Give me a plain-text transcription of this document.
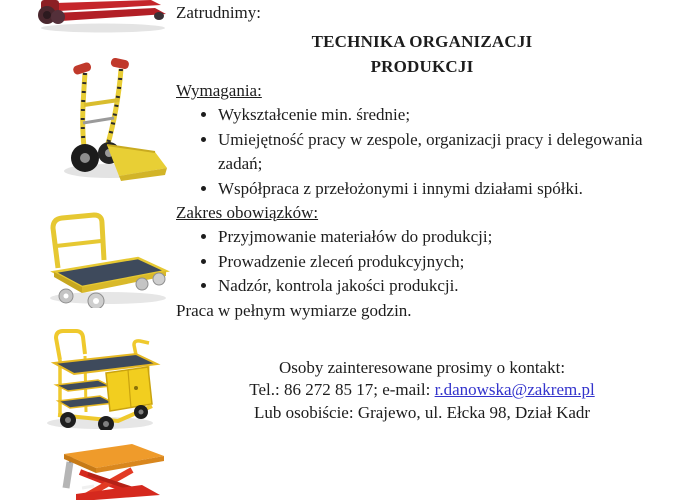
Zatrudnimy:

TECHNIKA ORGANIZACJI
PRODUKCJI

Wymagania:

• Wykształcenie min. średnie;
• Umiejętność pracy w zespole, organizacji pracy i delegowania zadań;
• Współpraca z przełożonymi i innymi działami spółki.

Zakres obowiązków:

• Przyjmowanie materiałów do produkcji;
• Prowadzenie zleceń produkcyjnych;
• Nadzór, kontrola jakości produkcji.

Praca w pełnym wymiarze godzin.

Osoby zainteresowane prosimy o kontakt:
Tel.: 86 272 85 17; e-mail: r.danowska@zakrem.pl
Lub osobiście: Grajewo, ul. Ełcka 98, Dział Kadr
